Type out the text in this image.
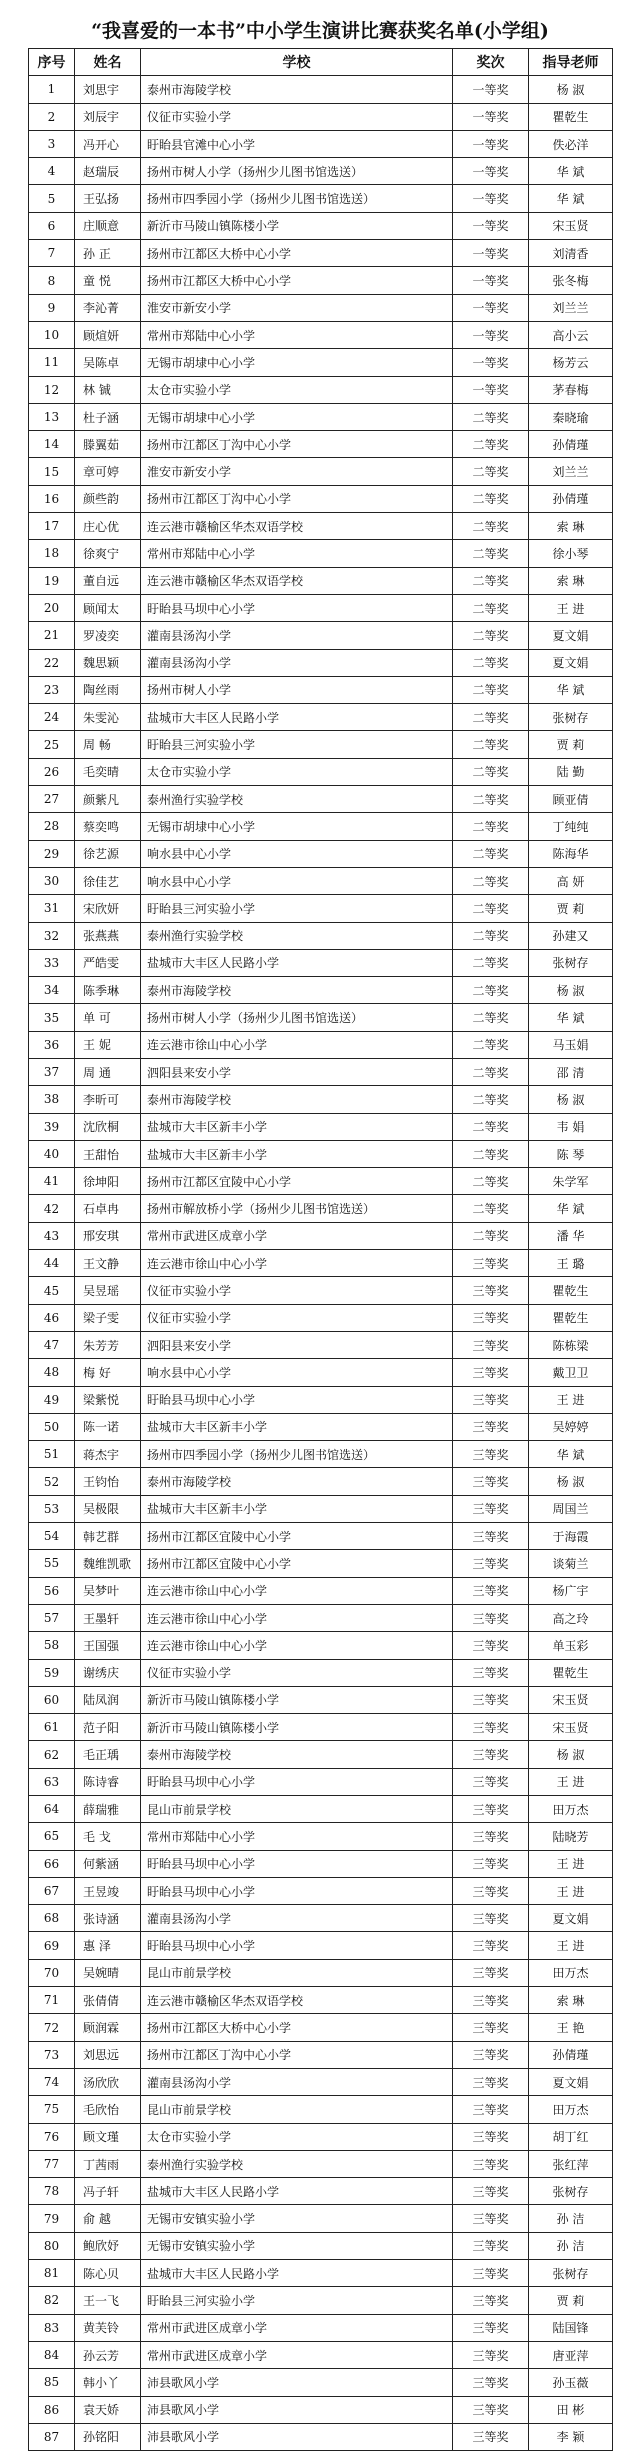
“我喜爱的一本书”中小学生演讲比赛获奖名单(小学组)
序号	姓名	学校	奖次	指导老师
1	刘思宇	泰州市海陵学校	一等奖	杨 淑
2	刘辰宇	仪征市实验小学	一等奖	瞿乾生
3	冯开心	盱眙县官滩中心小学	一等奖	佚必洋
4	赵瑞辰	扬州市树人小学（扬州少儿图书馆选送）	一等奖	华 斌
5	王弘扬	扬州市四季园小学（扬州少儿图书馆选送）	一等奖	华 斌
6	庄顺意	新沂市马陵山镇陈楼小学	一等奖	宋玉贤
7	孙 正	扬州市江都区大桥中心小学	一等奖	刘清香
8	童 悦	扬州市江都区大桥中心小学	一等奖	张冬梅
9	李沁菁	淮安市新安小学	一等奖	刘兰兰
10	顾煊妍	常州市郑陆中心小学	一等奖	高小云
11	吴陈卓	无锡市胡埭中心小学	一等奖	杨芳云
12	林 铖	太仓市实验小学	一等奖	茅春梅
13	杜子涵	无锡市胡埭中心小学	二等奖	秦晓瑜
14	滕翼茹	扬州市江都区丁沟中心小学	二等奖	孙倩瑾
15	章可婷	淮安市新安小学	二等奖	刘兰兰
16	颜些韵	扬州市江都区丁沟中心小学	二等奖	孙倩瑾
17	庄心优	连云港市赣榆区华杰双语学校	二等奖	索 琳
18	徐爽宁	常州市郑陆中心小学	二等奖	徐小琴
19	董自远	连云港市赣榆区华杰双语学校	二等奖	索 琳
20	顾闻太	盱眙县马坝中心小学	二等奖	王 进
21	罗凌奕	灌南县汤沟小学	二等奖	夏文娟
22	魏思颖	灌南县汤沟小学	二等奖	夏文娟
23	陶丝雨	扬州市树人小学	二等奖	华 斌
24	朱雯沁	盐城市大丰区人民路小学	二等奖	张树存
25	周 畅	盱眙县三河实验小学	二等奖	贾 莉
26	毛奕晴	太仓市实验小学	二等奖	陆 勤
27	颜紫凡	泰州渔行实验学校	二等奖	顾亚倩
28	蔡奕鸣	无锡市胡埭中心小学	二等奖	丁纯纯
29	徐艺源	响水县中心小学	二等奖	陈海华
30	徐佳艺	响水县中心小学	二等奖	高 妍
31	宋欣妍	盱眙县三河实验小学	二等奖	贾 莉
32	张燕燕	泰州渔行实验学校	二等奖	孙建又
33	严皓雯	盐城市大丰区人民路小学	二等奖	张树存
34	陈季琳	泰州市海陵学校	二等奖	杨 淑
35	单 可	扬州市树人小学（扬州少儿图书馆选送）	二等奖	华 斌
36	王 妮	连云港市徐山中心小学	二等奖	马玉娟
37	周 通	泗阳县来安小学	二等奖	邵 清
38	李昕可	泰州市海陵学校	二等奖	杨 淑
39	沈欣桐	盐城市大丰区新丰小学	二等奖	韦 娟
40	王甜怡	盐城市大丰区新丰小学	二等奖	陈 琴
41	徐坤阳	扬州市江都区宜陵中心小学	二等奖	朱学军
42	石卓冉	扬州市解放桥小学（扬州少儿图书馆选送）	二等奖	华 斌
43	邢安琪	常州市武进区成章小学	二等奖	潘 华
44	王文静	连云港市徐山中心小学	三等奖	王 璐
45	吴昱瑶	仪征市实验小学	三等奖	瞿乾生
46	梁子雯	仪征市实验小学	三等奖	瞿乾生
47	朱芳芳	泗阳县来安小学	三等奖	陈栋梁
48	梅 好	响水县中心小学	三等奖	戴卫卫
49	梁紫悦	盱眙县马坝中心小学	三等奖	王 进
50	陈一诺	盐城市大丰区新丰小学	三等奖	吴婷婷
51	蒋杰宇	扬州市四季园小学（扬州少儿图书馆选送）	三等奖	华 斌
52	王钧怡	泰州市海陵学校	三等奖	杨 淑
53	吴极限	盐城市大丰区新丰小学	三等奖	周国兰
54	韩艺群	扬州市江都区宜陵中心小学	三等奖	于海霞
55	魏维凯歌	扬州市江都区宜陵中心小学	三等奖	谈菊兰
56	吴梦叶	连云港市徐山中心小学	三等奖	杨广宇
57	王墨轩	连云港市徐山中心小学	三等奖	高之玲
58	王国强	连云港市徐山中心小学	三等奖	单玉彩
59	谢绣庆	仪征市实验小学	三等奖	瞿乾生
60	陆凤润	新沂市马陵山镇陈楼小学	三等奖	宋玉贤
61	范子阳	新沂市马陵山镇陈楼小学	三等奖	宋玉贤
62	毛正瑀	泰州市海陵学校	三等奖	杨 淑
63	陈诗睿	盱眙县马坝中心小学	三等奖	王 进
64	薛瑞雅	昆山市前景学校	三等奖	田万杰
65	毛 戈	常州市郑陆中心小学	三等奖	陆晓芳
66	何紫涵	盱眙县马坝中心小学	三等奖	王 进
67	王昱竣	盱眙县马坝中心小学	三等奖	王 进
68	张诗涵	灌南县汤沟小学	三等奖	夏文娟
69	惠 泽	盱眙县马坝中心小学	三等奖	王 进
70	吴婉晴	昆山市前景学校	三等奖	田万杰
71	张倩倩	连云港市赣榆区华杰双语学校	三等奖	索 琳
72	顾润霖	扬州市江都区大桥中心小学	三等奖	王 艳
73	刘思远	扬州市江都区丁沟中心小学	三等奖	孙倩瑾
74	汤欣欣	灌南县汤沟小学	三等奖	夏文娟
75	毛欣怡	昆山市前景学校	三等奖	田万杰
76	顾文瑾	太仓市实验小学	三等奖	胡丁红
77	丁茜雨	泰州渔行实验学校	三等奖	张红萍
78	冯子轩	盐城市大丰区人民路小学	三等奖	张树存
79	俞 越	无锡市安镇实验小学	三等奖	孙 洁
80	鲍欣妤	无锡市安镇实验小学	三等奖	孙 洁
81	陈心贝	盐城市大丰区人民路小学	三等奖	张树存
82	王一飞	盱眙县三河实验小学	三等奖	贾 莉
83	黄芙铃	常州市武进区成章小学	三等奖	陆国锋
84	孙云芳	常州市武进区成章小学	三等奖	唐亚萍
85	韩小丫	沛县歌风小学	三等奖	孙玉薇
86	袁天娇	沛县歌风小学	三等奖	田 彬
87	孙铭阳	沛县歌风小学	三等奖	李 颖
